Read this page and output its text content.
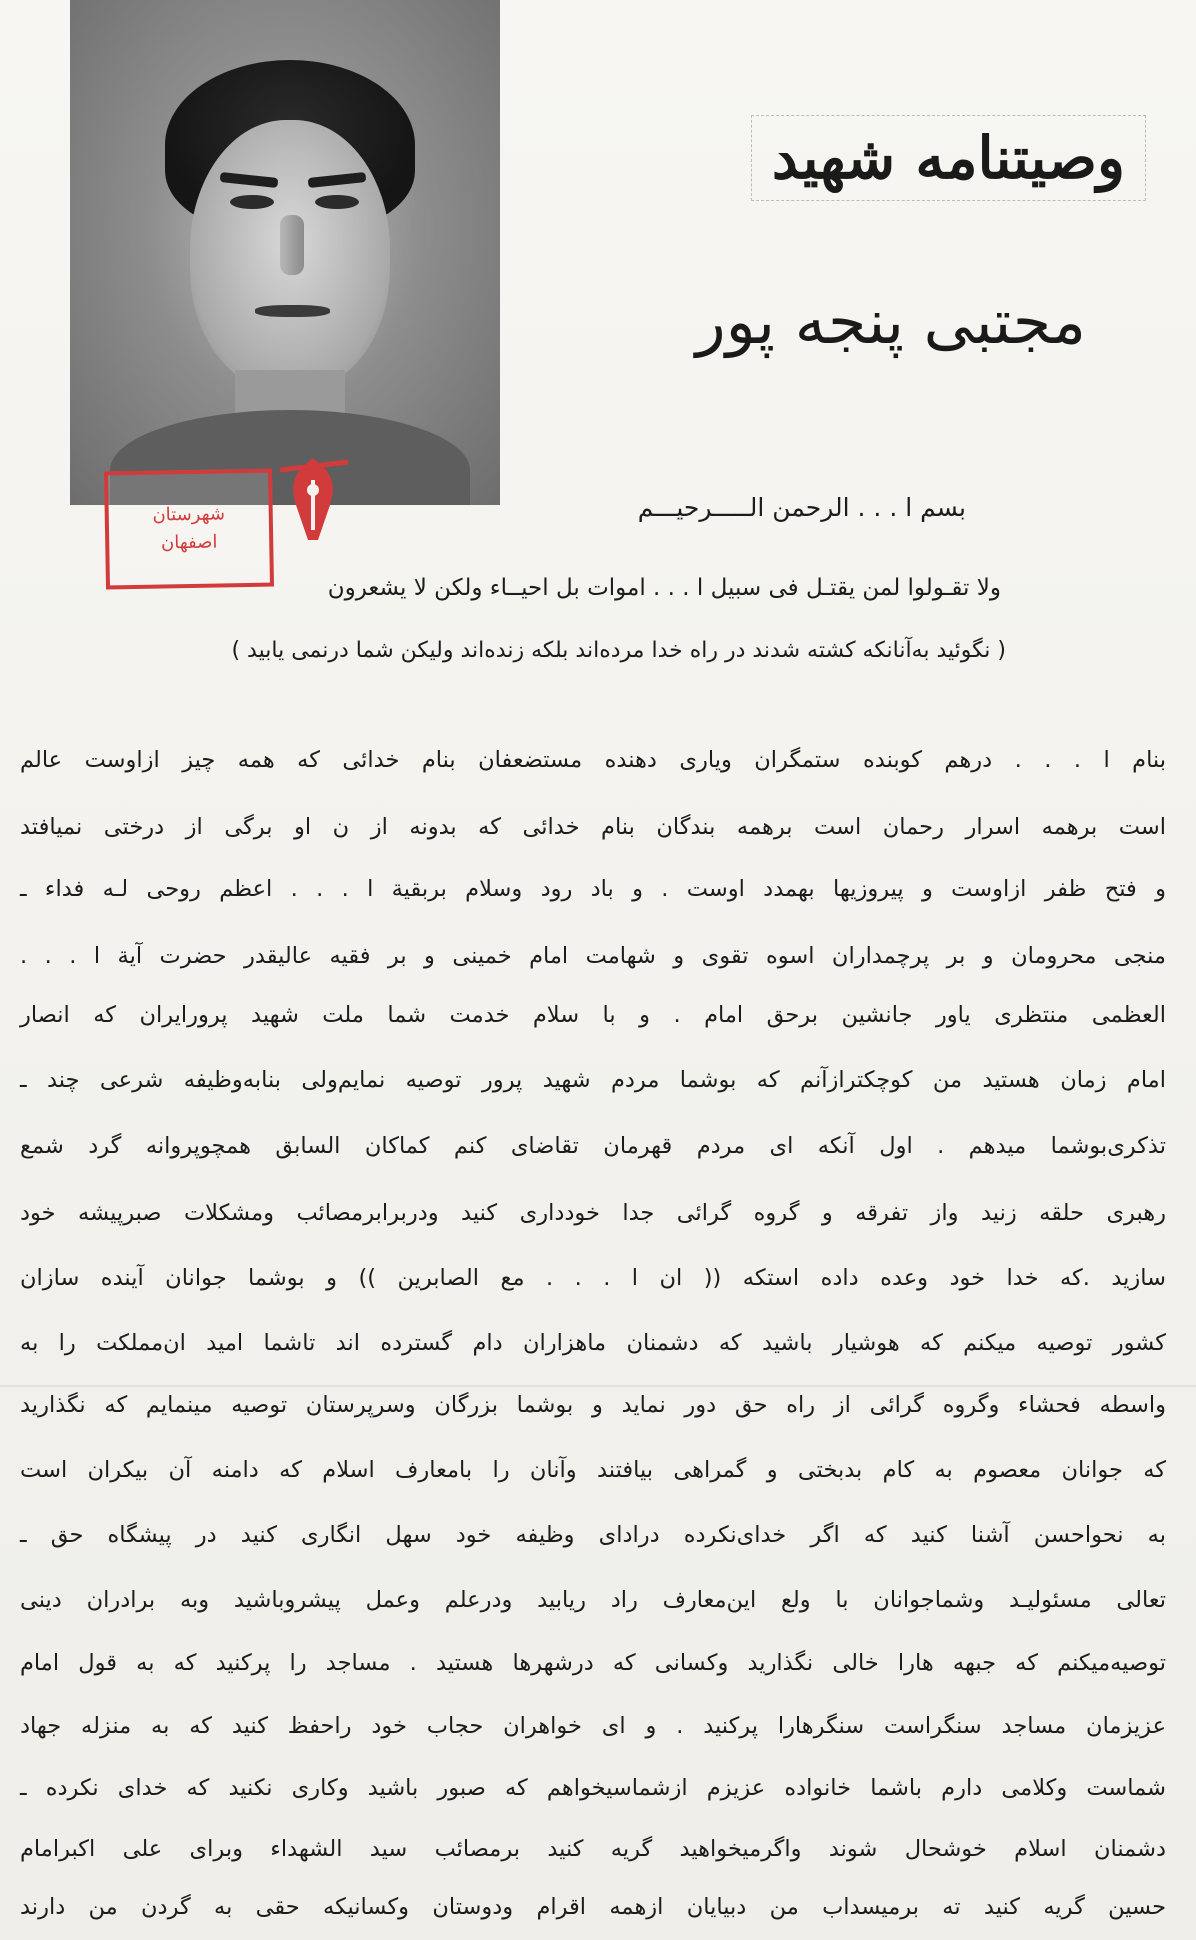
شهرستان
اصفهان
وصیتنامه شهید
مجتبی پنجه پور
بسم ا . . . الرحمن الـــــرحیـــم
ولا تقـولوا لمن یقتـل فی سبیل ا . . . اموات بل احیــاء ولکن لا یشعرون
( نگوئید به‌آنانکه کشته شدند در راه خدا مرده‌اند بلکه زنده‌اند ولیکن شما درنمی یابید )
بنام ا . . . درهم کوبنده ستمگران ویاری دهنده مستضعفان بنام خدائی که همه چیز ازاوست عالم
است برهمه اسرار رحمان است برهمه بندگان بنام خدائی که بدونه از ن او برگی از درختی نمیافتد
و فتح ظفر ازاوست و پیروزیها بهمدد اوست . و باد رود وسلام بربقیة ا . . . اعظم روحی لـه فداء ـ
منجی محرومان و بر پرچمداران اسوه تقوی و شهامت امام خمینی و بر فقیه عالیقدر حضرت آیة ا . . .
العظمی منتظری یاور جانشین برحق امام . و با سلام خدمت شما ملت شهید پرورایران که انصار
امام زمان هستید من کوچکترازآنم که بوشما مردم شهید پرور توصیه نمایم‌ولی بنابه‌وظیفه شرعی چند ـ
تذکری‌بوشما میدهم . اول آنکه ای مردم قهرمان تقاضای کنم کماکان السابق همچوپروانه گرد شمع
رهبری حلقه زنید واز تفرقه و گروه گرائی جدا خودداری کنید ودربرابرمصائب ومشکلات صبرپیشه خود
سازید .که خدا خود وعده داده استکه (( ان ا . . . مع الصابرین )) و بوشما جوانان آینده سازان
کشور توصیه میکنم که هوشیار باشید که دشمنان ماهزاران دام گسترده اند تاشما امید ان‌مملکت را به
واسطه فحشاء وگروه گرائی از راه حق دور نماید و بوشما بزرگان وسرپرستان توصیه مینمایم که نگذارید
که جوانان معصوم به کام بدبختی و گمراهی بیافتند وآنان را بامعارف اسلام که دامنه آن بیکران است
به نحواحسن آشنا کنید که اگر خدای‌نکرده درادای وظیفه خود سهل انگاری کنید در پیشگاه حق ـ
تعالی مسئولیـد وشماجوانان با ولع این‌معارف راد ریابید ودرعلم وعمل پیشروباشید وبه برادران دینی
توصیه‌میکنم که جبهه هارا خالی نگذارید وکسانی که درشهرها هستید . مساجد را پرکنید که به قول امام
عزیزمان مساجد سنگراست سنگرهارا پرکنید . و ای خواهران حجاب خود راحفظ کنید که به منزله جهاد
شماست وکلامی دارم باشما خانواده عزیزم ازشماسیخواهم که صبور باشید وکاری نکنید که خدای نکرده ـ
دشمنان اسلام خوشحال شوند واگرمیخواهید گریه کنید برمصائب سید الشهداء وبرای علی اکبرامام
حسین گریه کنید ته برمیسداب من دبیایان ازهمه اقرام ودوستان وکسانیکه حقی به گردن من دارند
